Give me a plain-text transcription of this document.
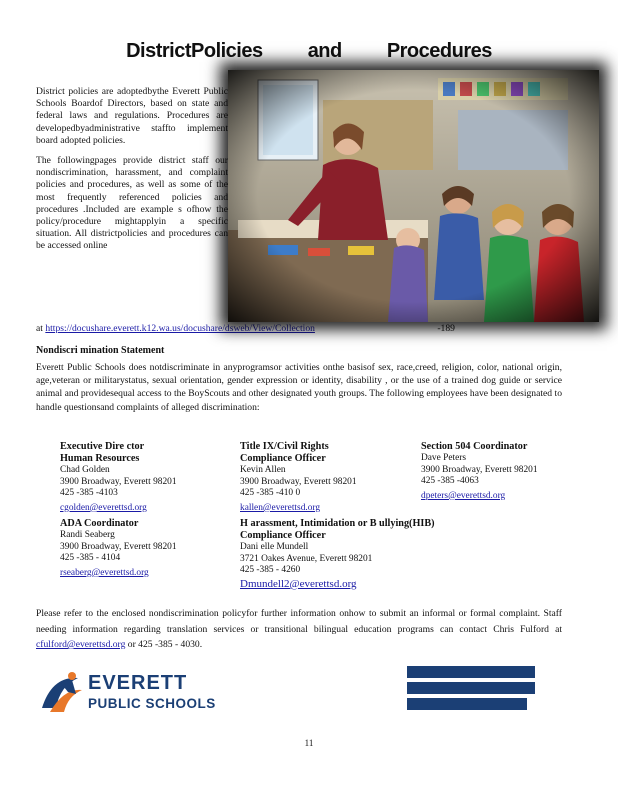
DistrictPolicies and Procedures

District policies are adoptedbythe Everett Public Schools Boardof Directors, based on state and federal laws and regulations. Procedures are developedbyadministrative staffto implement board adopted policies.

The followingpages provide district staff our nondiscrimination, harassment, and complaint policies and procedures, as well as some of the most frequently referenced policies and procedures .Included are example s ofhow the policy/procedure mightapplyin a specific situation. All districtpolicies and procedures can be accessed online

at https://docushare.everett.k12.wa.us/docushare/dsweb/View/Collection	-189
Nondiscri mination Statement
Everett Public Schools does notdiscriminate in anyprogramsor activities onthe basisof sex, race,creed, religion, color, national origin, age,veteran or militarystatus, sexual orientation, gender expression or identity, disability , or the use of a trained dog guide or service animal and providesequal access to the BoyScouts and other designated youth groups. The following employees have been designated to handle questionsand complaints of alleged discrimination:
Executive Dire ctor
Human Resources
Chad Golden
3900 Broadway, Everett 98201
425 -385 -4103
cgolden@everettsd.org
Title IX/Civil Rights
Compliance Officer
Kevin Allen
3900 Broadway, Everett 98201
425 -385 -410 0
kallen@everettsd.org
Section 504 Coordinator
Dave Peters
3900 Broadway, Everett 98201
425 -385 -4063
dpeters@everettsd.org
ADA Coordinator
Randi Seaberg
3900 Broadway, Everett 98201
425 -385 - 4104
rseaberg@everettsd.org
H arassment, Intimidation or B ullying(HIB)
Compliance Officer
Dani elle Mundell
3721 Oakes Avenue, Everett 98201
425 -385 - 4260
Dmundell2@everettsd.org
Please refer to the enclosed nondiscrimination policyfor further information onhow to submit an informal or formal complaint. Staff needing information regarding translation services or transitional bilingual education programs can contact Chris Fulford at cfulford@everettsd.org or 425 -385 - 4030.
EVERETT
PUBLIC SCHOOLS
11
